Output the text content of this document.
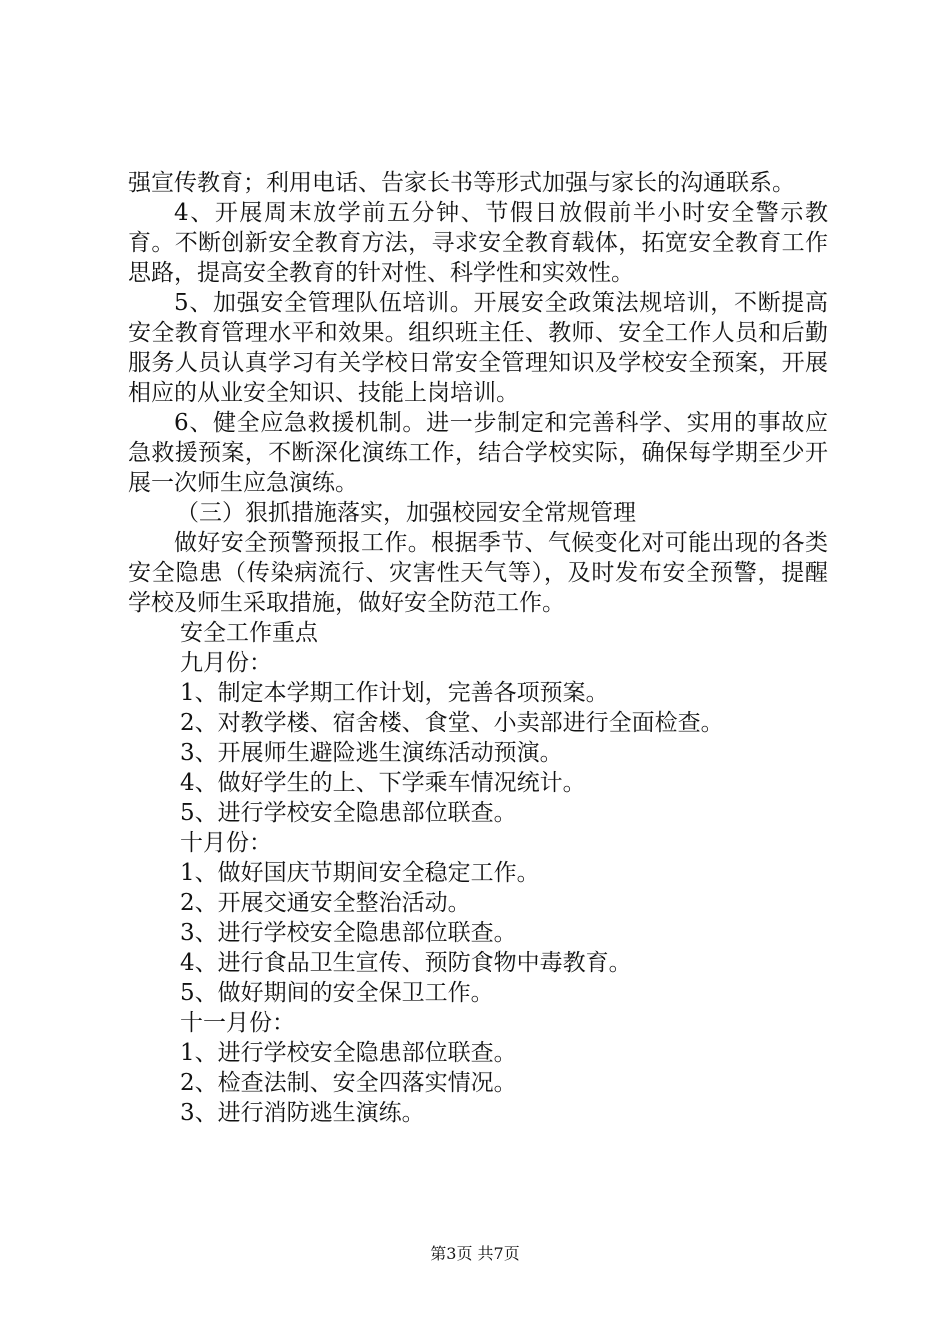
强宣传教育；利用电话、告家长书等形式加强与家长的沟通联系。

4、开展周末放学前五分钟、节假日放假前半小时安全警示教育。不断创新安全教育方法，寻求安全教育载体，拓宽安全教育工作思路，提高安全教育的针对性、科学性和实效性。

5、加强安全管理队伍培训。开展安全政策法规培训，不断提高安全教育管理水平和效果。组织班主任、教师、安全工作人员和后勤服务人员认真学习有关学校日常安全管理知识及学校安全预案，开展相应的从业安全知识、技能上岗培训。

6、健全应急救援机制。进一步制定和完善科学、实用的事故应急救援预案，不断深化演练工作，结合学校实际，确保每学期至少开展一次师生应急演练。

（三）狠抓措施落实，加强校园安全常规管理

做好安全预警预报工作。根据季节、气候变化对可能出现的各类安全隐患（传染病流行、灾害性天气等），及时发布安全预警，提醒学校及师生采取措施，做好安全防范工作。

安全工作重点

九月份：

1、制定本学期工作计划，完善各项预案。

2、对教学楼、宿舍楼、食堂、小卖部进行全面检查。

3、开展师生避险逃生演练活动预演。

4、做好学生的上、下学乘车情况统计。

5、进行学校安全隐患部位联查。

十月份：

1、做好国庆节期间安全稳定工作。

2、开展交通安全整治活动。

3、进行学校安全隐患部位联查。

4、进行食品卫生宣传、预防食物中毒教育。

5、做好期间的安全保卫工作。

十一月份：

1、进行学校安全隐患部位联查。

2、检查法制、安全四落实情况。

3、进行消防逃生演练。

第3页 共7页
